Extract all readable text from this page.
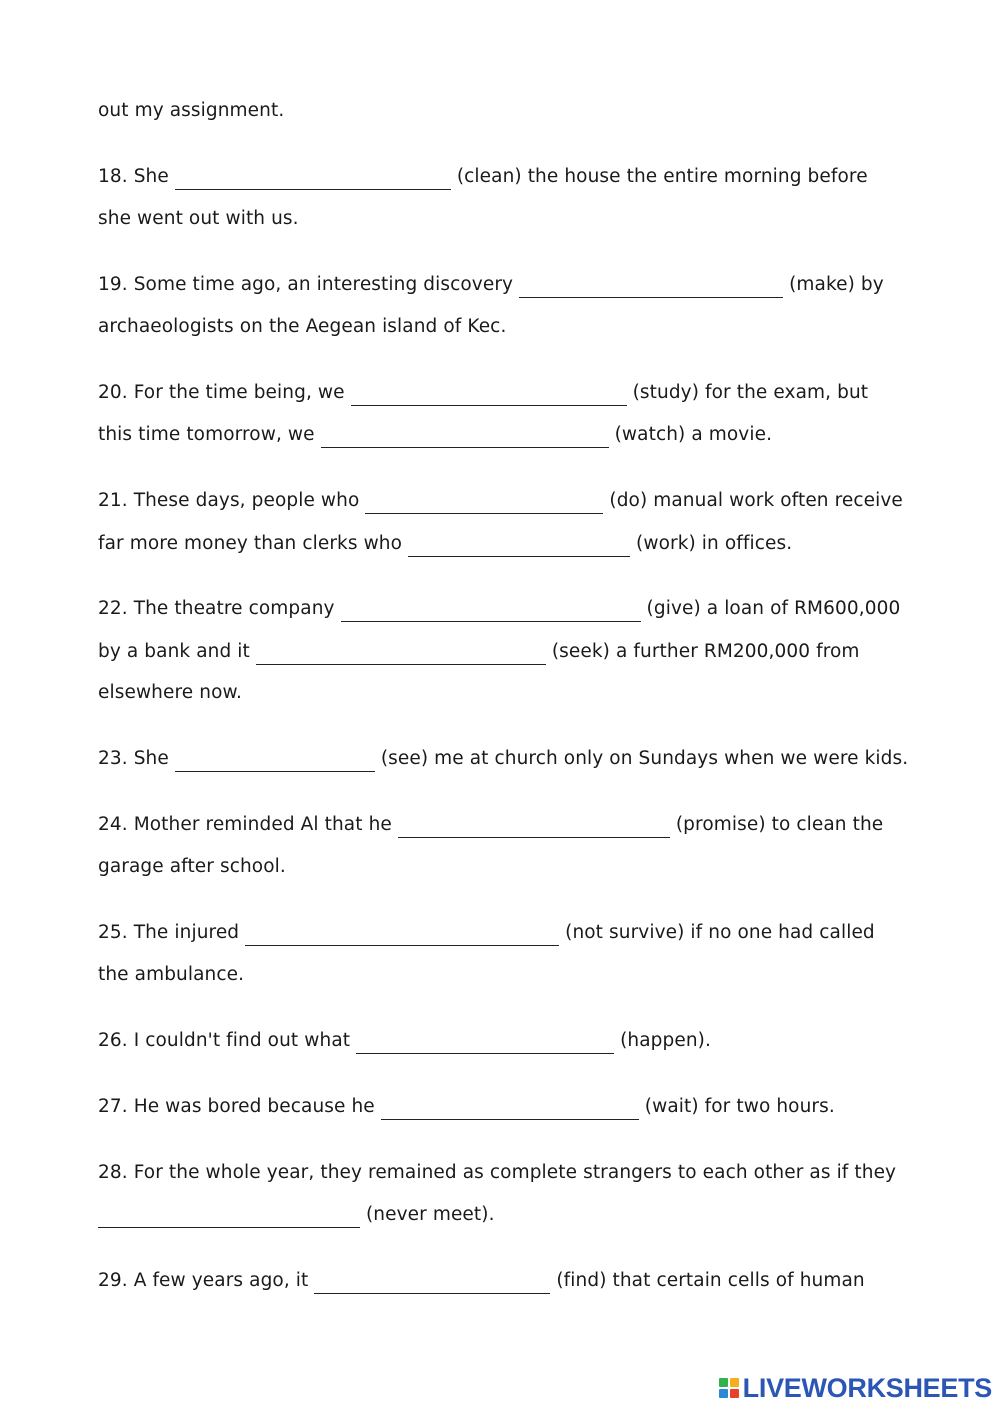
out my assignment.
18. She	(clean) the house the entire morning before
she went out with us.
19. Some time ago, an interesting discovery	(make) by
archaeologists on the Aegean island of Kec.
20. For the time being, we	(study) for the exam, but
this time tomorrow, we	(watch) a movie.
21. These days, people who	(do) manual work often receive
far more money than clerks who	(work) in offices.
22. The theatre company	(give) a loan of RM600,000
by a bank and it	(seek) a further RM200,000 from
elsewhere now.
23. She	(see) me at church only on Sundays when we were kids.
24. Mother reminded Al that he	(promise) to clean the
garage after school.
25. The injured	(not survive) if no one had called
the ambulance.
26. I couldn't find out what	(happen).
27. He was bored because he	(wait) for two hours.
28. For the whole year, they remained as complete strangers to each other as if they
(never meet).
29. A few years ago, it	(find) that certain cells of human
LIVEWORKSHEETS
